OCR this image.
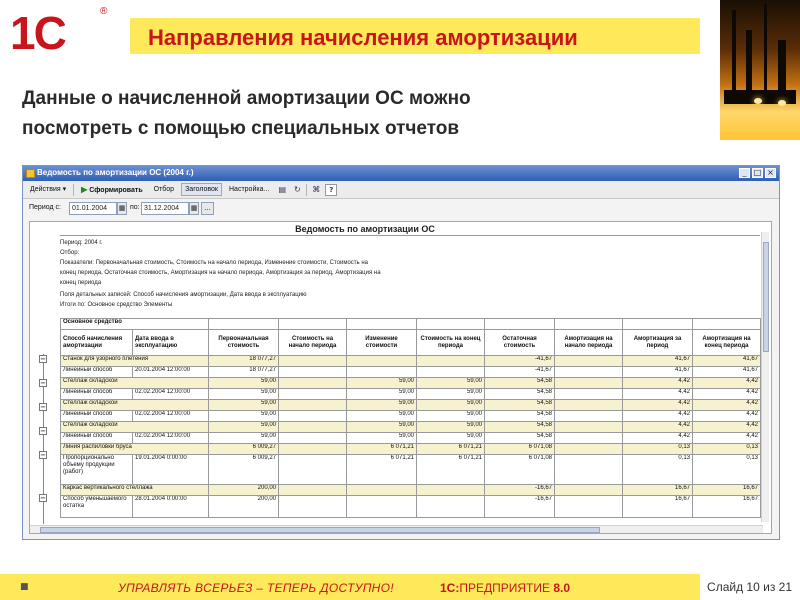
1С	®
Направления начисления амортизации
Данные о начисленной амортизации ОС можно
посмотреть с помощью специальных отчетов
Ведомость по амортизации ОС (2004 г.)	_ □ ×
Действия ▾	▶ Сформировать	Отбор	Заголовок	Настройка...	▤ ↻	⌘	?
Период с:	01.01.2004	▦ по: 31.12.2004	▦ ...
Ведомость по амортизации ОС
Период: 2004 г.
Отбор:
Показатели: Первоначальная стоимость, Стоимость на начало периода, Изменение стоимости, Стоимость на
конец периода, Остаточная стоимость, Амортизация на начало периода, Амортизация за период, Амортизация на
конец периода
Поля детальных записей: Способ начисления амортизации, Дата ввода в эксплуатацию
Итоги по: Основное средство Элементы
−
−
−
−
−
−
Основное средство									
Способ начисления амортизации	Дата ввода в эксплуатацию	Первоначальная стоимость	Стоимость на начало периода	Изменение стоимости	Стоимость на конец периода	Остаточная стоимость	Амортизация на начало периода	Амортизация за период	Амортизация на конец периода
Станок для узорного плетения		18 077,27				-41,67		41,67	41,67
Линейный способ	20.01.2004 12:00:00	18 077,27				-41,67		41,67	41,67
Стеллаж складской		59,00		59,00	59,00	54,58		4,42	4,42
Линейный способ	02.02.2004 12:00:00	59,00		59,00	59,00	54,58		4,42	4,42
Стеллаж складской		59,00		59,00	59,00	54,58		4,42	4,42
Линейный способ	02.02.2004 12:00:00	59,00		59,00	59,00	54,58		4,42	4,42
Стеллаж складской		59,00		59,00	59,00	54,58		4,42	4,42
Линейный способ	02.02.2004 12:00:00	59,00		59,00	59,00	54,58		4,42	4,42
Линия распиловки бруса		6 009,27		6 071,21	6 071,21	6 071,08		0,13	0,13
Пропорционально объему продукции (работ)	19.01.2004 0:00:00	6 009,27		6 071,21	6 071,21	6 071,08		0,13	0,13
Каркас вертикального стеллажа		200,00				-16,67		16,67	16,67
Способ уменьшаемого остатка	28.01.2004 0:00:00	200,00				-16,67		16,67	16,67
■	УПРАВЛЯТЬ ВСЕРЬЕЗ – ТЕПЕРЬ ДОСТУПНО!	1С:ПРЕДПРИЯТИЕ 8.0	Слайд 10 из 21
